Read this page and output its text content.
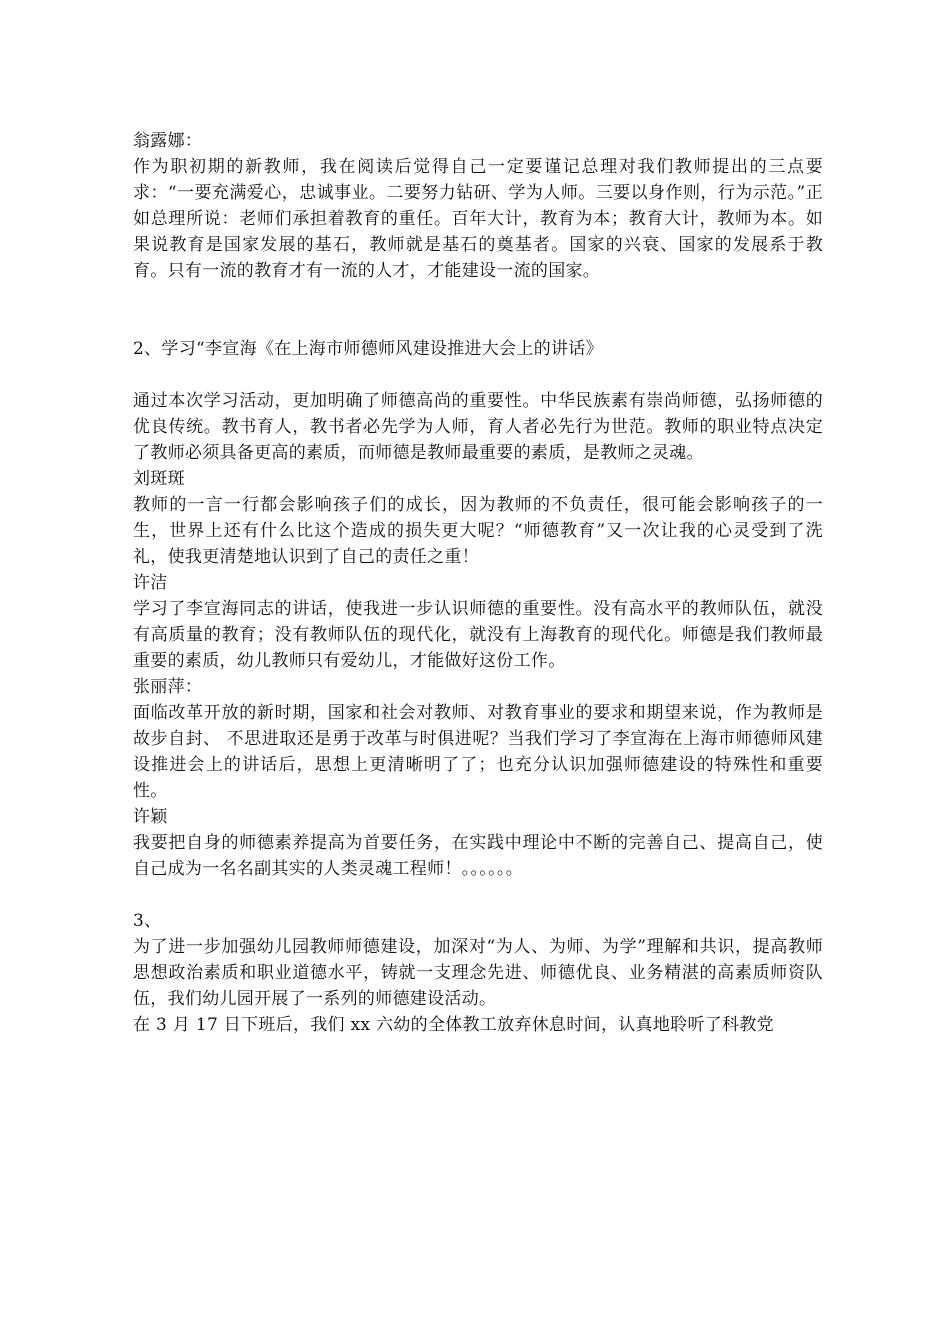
翁露娜：

作为职初期的新教师，我在阅读后觉得自己一定要谨记总理对我们教师提出的三点要求：“一要充满爱心，忠诚事业。二要努力钻研、学为人师。三要以身作则，行为示范。”正如总理所说：老师们承担着教育的重任。百年大计，教育为本；教育大计，教师为本。如果说教育是国家发展的基石，教师就是基石的奠基者。国家的兴衰、国家的发展系于教育。只有一流的教育才有一流的人才，才能建设一流的国家。

2、学习“李宣海《在上海市师德师风建设推进大会上的讲话》

通过本次学习活动，更加明确了师德高尚的重要性。中华民族素有崇尚师德，弘扬师德的优良传统。教书育人，教书者必先学为人师，育人者必先行为世范。教师的职业特点决定了教师必须具备更高的素质，而师德是教师最重要的素质，是教师之灵魂。

刘斑斑

教师的一言一行都会影响孩子们的成长，因为教师的不负责任，很可能会影响孩子的一生，世界上还有什么比这个造成的损失更大呢？“师德教育”又一次让我的心灵受到了洗礼，使我更清楚地认识到了自己的责任之重！

许洁

学习了李宣海同志的讲话，使我进一步认识师德的重要性。没有高水平的教师队伍，就没有高质量的教育；没有教师队伍的现代化，就没有上海教育的现代化。师德是我们教师最重要的素质，幼儿教师只有爱幼儿，才能做好这份工作。

张丽萍：

面临改革开放的新时期，国家和社会对教师、对教育事业的要求和期望来说，作为教师是故步自封、 不思进取还是勇于改革与时俱进呢？当我们学习了李宣海在上海市师德师风建设推进会上的讲话后，思想上更清晰明了了；也充分认识加强师德建设的特殊性和重要性。

许颖

我要把自身的师德素养提高为首要任务，在实践中理论中不断的完善自己、提高自己，使自己成为一名名副其实的人类灵魂工程师！。。。。。。

3、

为了进一步加强幼儿园教师师德建设，加深对“为人、为师、为学”理解和共识，提高教师思想政治素质和职业道德水平，铸就一支理念先进、师德优良、业务精湛的高素质师资队伍，我们幼儿园开展了一系列的师德建设活动。

在 3 月 17 日下班后，我们 xx 六幼的全体教工放弃休息时间，认真地聆听了科教党
